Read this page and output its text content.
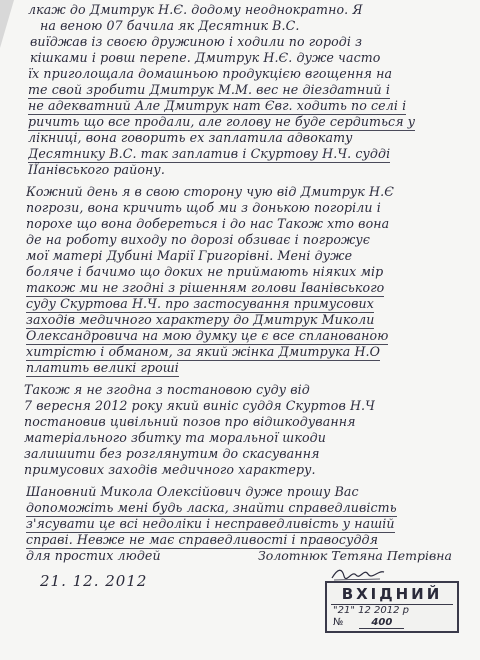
лкаж до Дмитрук Н.Є. додому неоднократно. Я
на веною 07 бачила як Десятник В.С.
виїджав із своєю дружиною і ходили по городі з
кішками і ровш перепе. Дмитрук Н.Є. дуже часто
їх приголощала домашньою продукцією вгощення на
те свой зробити Дмитрук М.М. вес не діездатний і
не адекватний Але Дмитрук нат Євг. ходить по селі і
ричить що все продали, але голову не буде сердиться у
лікниці, вона говорить ех заплатила адвокату
Десятнику В.С. так заплатив і Скуртову Н.Ч. судді
ІЇанівського району.
Кожний день я в свою сторону чую від Дмитрук Н.Є
погрози, вона кричить щоб ми з донькою погоріли і
порохе що вона добереться і до нас Також хто вона
де на роботу виходу по дорозі обзиває і погрожує
мої матері Дубині Марії Григорівні. Мені дуже
боляче і бачимо що доких не приймають ніяких мір
також ми не згодні з рішенням голови Іванівського
суду Скуртова Н.Ч. про застосування примусових
заходів медичного характеру до Дмитрук Миколи
Олександровича на мою думку це є все спланованою
хитрістю і обманом, за який жінка Дмитрука Н.О
платить великі гроші
Також я не згодна з постановою суду від
7 вересня 2012 року який виніс суддя Скуртов Н.Ч
постановив цивільний позов про відшкодування
матеріального збитку та моральної шкоди
залишити без розглянутим до скасування
примусових заходів медичного характеру.
Шановний Микола Олексійович дуже прошу Вас
допоможіть мені будь ласка, знайти справедливість
з'ясувати це всі недоліки і несправедливість у нашій
справі. Невже не має справедливості і правосуддя
для простих людей	Золотнюк Тетяна Петрівна
21. 12. 2012
ВХІДНИЙ
"21" 12 2012 р
№	400
